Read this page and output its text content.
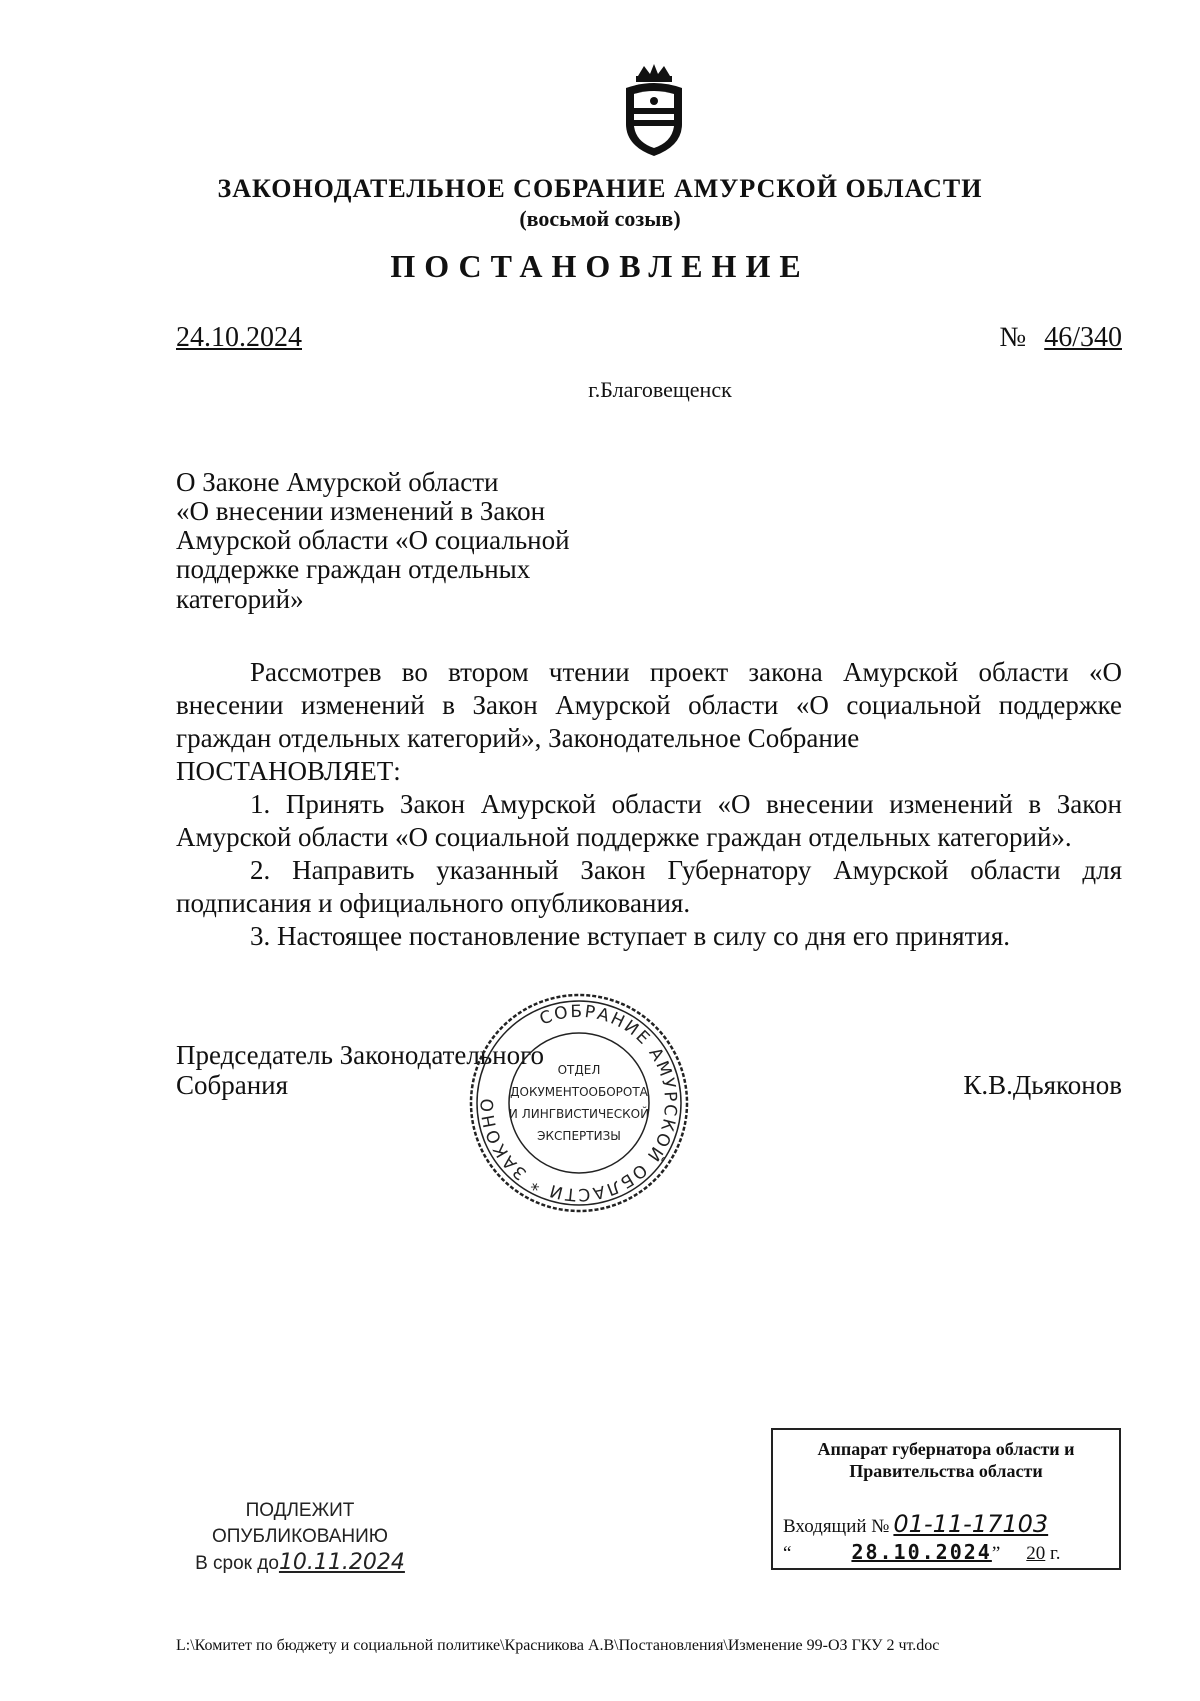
ЗАКОНОДАТЕЛЬНОЕ СОБРАНИЕ АМУРСКОЙ ОБЛАСТИ
(восьмой созыв)
ПОСТАНОВЛЕНИЕ
24.10.2024	№ 46/340
г.Благовещенск
О Законе Амурской области
«О внесении изменений в Закон
Амурской области «О социальной
поддержке граждан отдельных
категорий»

Рассмотрев во втором чтении проект закона Амурской области «О внесении изменений в Закон Амурской области «О социальной поддержке граждан отдельных категорий», Законодательное Собрание

ПОСТАНОВЛЯЕТ:

1. Принять Закон Амурской области «О внесении изменений в Закон Амурской области «О социальной поддержке граждан отдельных категорий».

2. Направить указанный Закон Губернатору Амурской области для подписания и официального опубликования.

3. Настоящее постановление вступает в силу со дня его принятия.

Председатель Законодательного
Собрания	К.В.Дьяконов
СОБРАНИЕ АМУРСКОЙ ОБЛАСТИ * ЗАКОНО
ОТДЕЛ
ДОКУМЕНТООБОРОТА
И ЛИНГВИСТИЧЕСКОЙ
ЭКСПЕРТИЗЫ
ПОДЛЕЖИТ
ОПУБЛИКОВАНИЮ
В срок до10.11.2024
Аппарат губернатора области и
Правительства области
Входящий № 01-11-17103
“	28.10.2024” 20 г.
L:\Комитет по бюджету и социальной политике\Красникова А.В\Постановления\Изменение 99-ОЗ ГКУ 2 чт.doc
